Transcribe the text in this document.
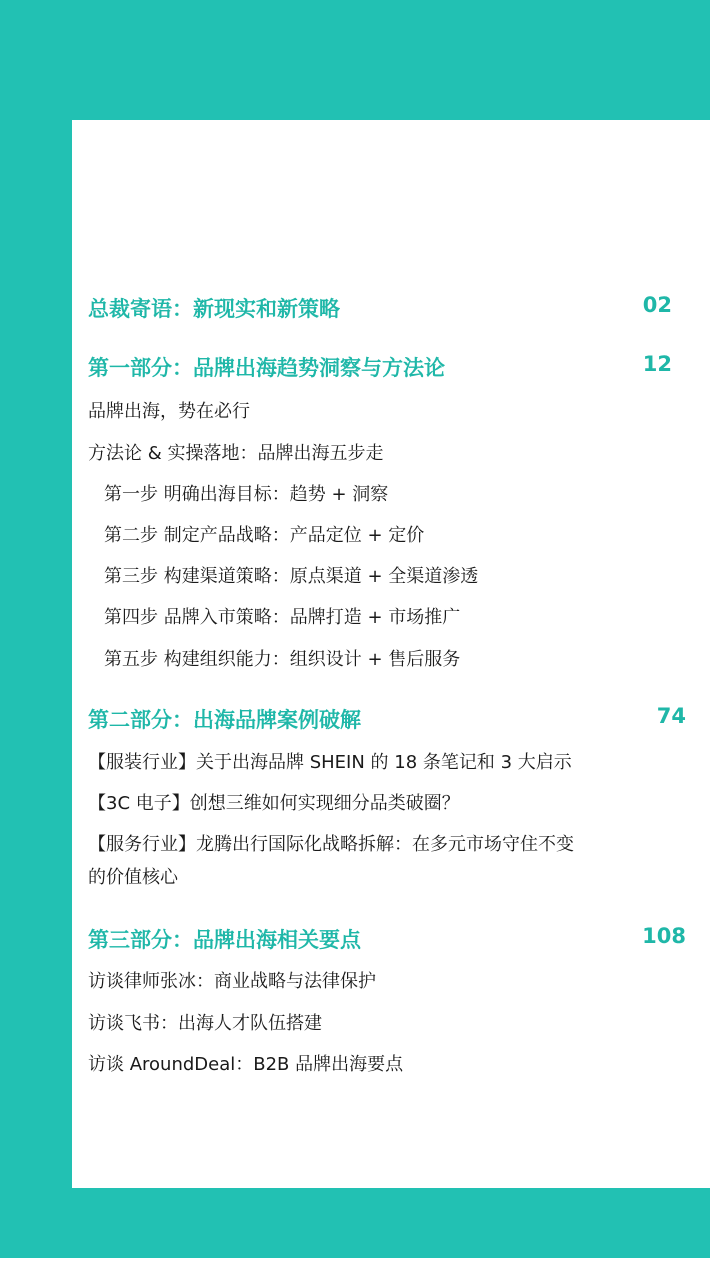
总裁寄语：新现实和新策略	02
第一部分：品牌出海趋势洞察与方法论	12
品牌出海，势在必行
方法论 & 实操落地：品牌出海五步走
第一步 明确出海目标：趋势 + 洞察
第二步 制定产品战略：产品定位 + 定价
第三步 构建渠道策略：原点渠道 + 全渠道渗透
第四步 品牌入市策略：品牌打造 + 市场推广
第五步 构建组织能力：组织设计 + 售后服务
第二部分：出海品牌案例破解	74
【服装行业】关于出海品牌 SHEIN 的 18 条笔记和 3 大启示
【3C 电子】创想三维如何实现细分品类破圈？
【服务行业】龙腾出行国际化战略拆解：在多元市场守住不变
的价值核心
第三部分：品牌出海相关要点	108
访谈律师张冰：商业战略与法律保护
访谈飞书：出海人才队伍搭建
访谈 AroundDeal：B2B 品牌出海要点
